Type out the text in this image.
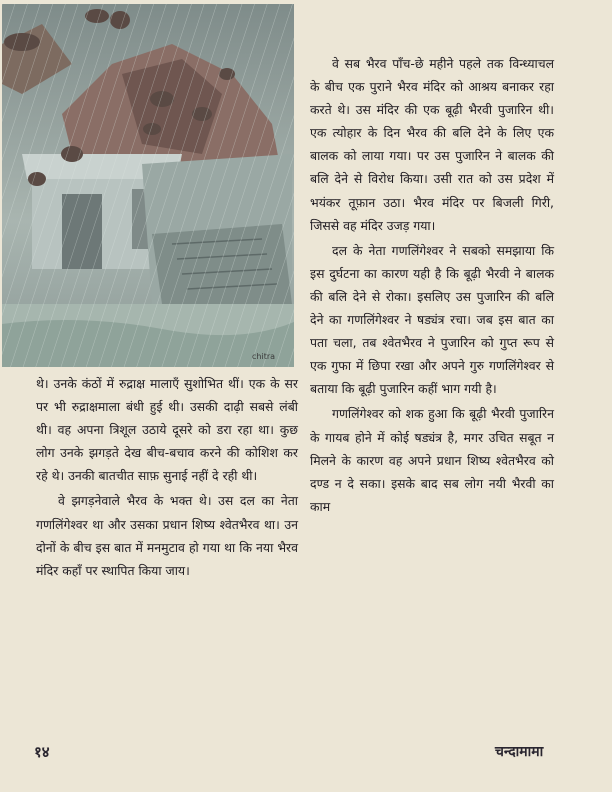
chitra

थे। उनके कंठों में रुद्राक्ष मालाएँ सुशोभित थीं। एक के सर पर भी रुद्राक्षमाला बंधी हुई थी। उसकी दाढ़ी सबसे लंबी थी। वह अपना त्रिशूल उठाये दूसरे को डरा रहा था। कुछ लोग उनके झगड़ते देख बीच-बचाव करने की कोशिश कर रहे थे। उनकी बातचीत साफ़ सुनाई नहीं दे रही थी।

वे झगड़नेवाले भैरव के भक्त थे। उस दल का नेता गणलिंगेश्वर था और उसका प्रधान शिष्य श्वेतभैरव था। उन दोनों के बीच इस बात में मनमुटाव हो गया था कि नया भैरव मंदिर कहाँ पर स्थापित किया जाय।

वे सब भैरव पाँच-छे महीने पहले तक विन्ध्याचल के बीच एक पुराने भैरव मंदिर को आश्रय बनाकर रहा करते थे। उस मंदिर की एक बूढ़ी भैरवी पुजारिन थी। एक त्योहार के दिन भैरव की बलि देने के लिए एक बालक को लाया गया। पर उस पुजारिन ने बालक की बलि देने से विरोध किया। उसी रात को उस प्रदेश में भयंकर तूफ़ान उठा। भैरव मंदिर पर बिजली गिरी, जिससे वह मंदिर उजड़ गया।

दल के नेता गणलिंगेश्वर ने सबको समझाया कि इस दुर्घटना का कारण यही है कि बूढ़ी भैरवी ने बालक की बलि देने से रोका। इसलिए उस पुजारिन की बलि देने का गणलिंगेश्वर ने षड्यंत्र रचा। जब इस बात का पता चला, तब श्वेतभैरव ने पुजारिन को गुप्त रूप से एक गुफा में छिपा रखा और अपने गुरु गणलिंगेश्वर से बताया कि बूढ़ी पुजारिन कहीं भाग गयी है।

गणलिंगेश्वर को शक हुआ कि बूढ़ी भैरवी पुजारिन के गायब होने में कोई षड्यंत्र है, मगर उचित सबूत न मिलने के कारण वह अपने प्रधान शिष्य श्वेतभैरव को दण्ड न दे सका। इसके बाद सब लोग नयी भैरवी का काम

१४	चन्दामामा
